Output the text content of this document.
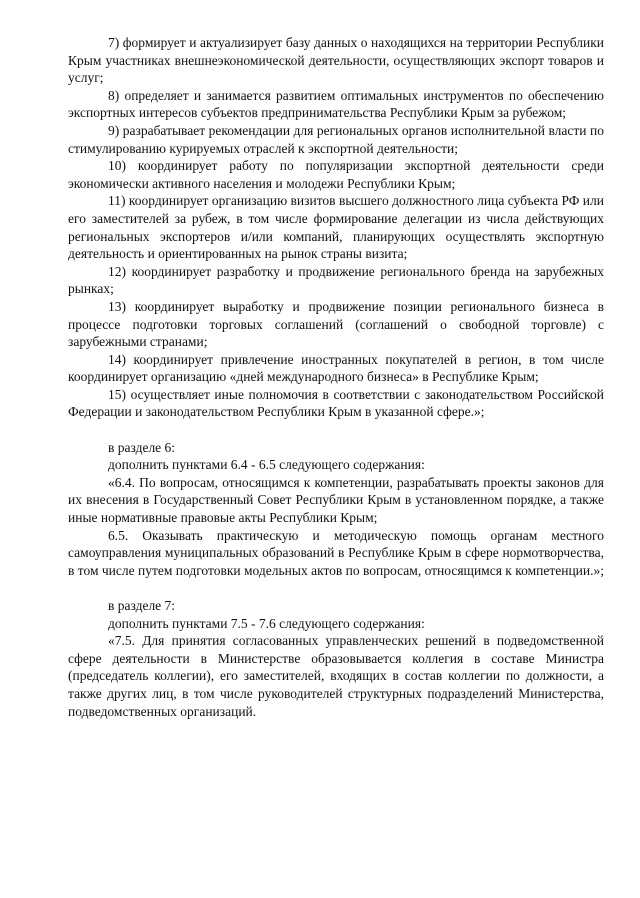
7) формирует и актуализирует базу данных о находящихся на территории Республики Крым участниках внешнеэкономической деятельности, осуществляющих экспорт товаров и услуг;

8) определяет и занимается развитием оптимальных инструментов по обеспечению экспортных интересов субъектов предпринимательства Республики Крым за рубежом;

9) разрабатывает рекомендации для региональных органов исполнительной власти по стимулированию курируемых отраслей к экспортной деятельности;

10) координирует работу по популяризации экспортной деятельности среди экономически активного населения и молодежи Республики Крым;

11) координирует организацию визитов высшего должностного лица субъекта РФ или его заместителей за рубеж, в том числе формирование делегации из числа действующих региональных экспортеров и/или компаний, планирующих осуществлять экспортную деятельность и ориентированных на рынок страны визита;

12) координирует разработку и продвижение регионального бренда на зарубежных рынках;

13) координирует выработку и продвижение позиции регионального бизнеса в процессе подготовки торговых соглашений (соглашений о свободной торговле) с зарубежными странами;

14) координирует привлечение иностранных покупателей в регион, в том числе координирует организацию «дней международного бизнеса» в Республике Крым;

15) осуществляет иные полномочия в соответствии с законодательством Российской Федерации и законодательством Республики Крым в указанной сфере.»;

в разделе 6:

дополнить пунктами 6.4 - 6.5 следующего содержания:

«6.4. По вопросам, относящимся к компетенции, разрабатывать проекты законов для их внесения в Государственный Совет Республики Крым в установленном порядке, а также иные нормативные правовые акты Республики Крым;

6.5. Оказывать практическую и методическую помощь органам местного самоуправления муниципальных образований в Республике Крым в сфере нормотворчества, в том числе путем подготовки модельных актов по вопросам, относящимся к компетенции.»;

в разделе 7:

дополнить пунктами 7.5 - 7.6 следующего содержания:

«7.5. Для принятия согласованных управленческих решений в подведомственной сфере деятельности в Министерстве образовывается коллегия в составе Министра (председатель коллегии), его заместителей, входящих в состав коллегии по должности, а также других лиц, в том числе руководителей структурных подразделений Министерства, подведомственных организаций.
